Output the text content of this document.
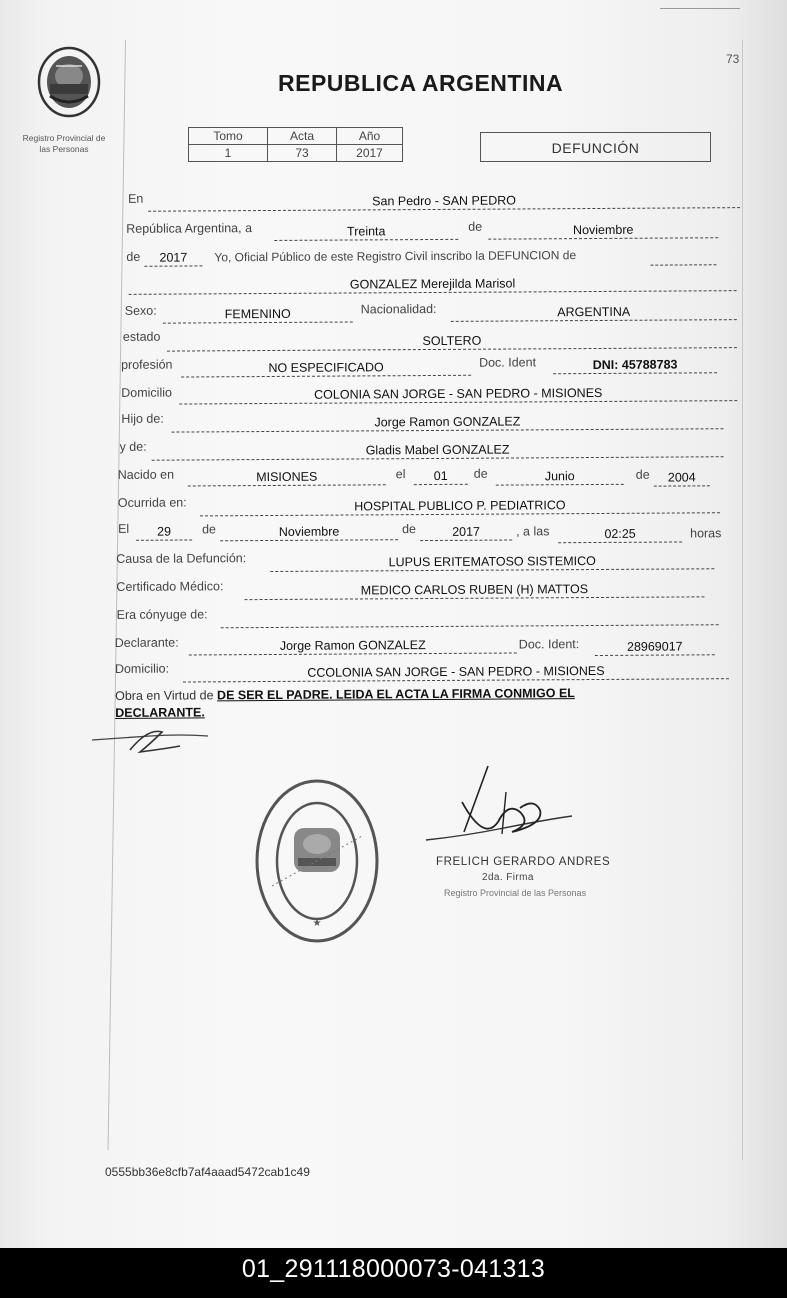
73
Registro Provincial de
las Personas
REPUBLICA ARGENTINA
Tomo	Acta	Año
1	73	2017	DEFUNCIÓN
En	San Pedro - SAN PEDRO
República Argentina, a	Treinta	de	Noviembre
de	2017	Yo, Oficial Público de este Registro Civil inscribo la DEFUNCION de
GONZALEZ Merejilda Marisol
Sexo:	FEMENINO	Nacionalidad:	ARGENTINA
estado	SOLTERO
profesión	NO ESPECIFICADO	Doc. Ident	DNI: 45788783
Domicilio	COLONIA SAN JORGE - SAN PEDRO - MISIONES
Hijo de:	Jorge Ramon GONZALEZ
y de:	Gladis Mabel GONZALEZ
Nacido en	MISIONES	el	01	de	Junio	de	2004
Ocurrida en:	HOSPITAL PUBLICO P. PEDIATRICO
El	29	de	Noviembre	de	2017	, a las	02:25	horas
Causa de la Defunción:	LUPUS ERITEMATOSO SISTEMICO
Certificado Médico:	MEDICO CARLOS RUBEN (H) MATTOS
Era cónyuge de:
Declarante:	Jorge Ramon GONZALEZ	Doc. Ident:	28969017
Domicilio:	CCOLONIA SAN JORGE - SAN PEDRO - MISIONES
Obra en Virtud de DE SER EL PADRE. LEIDA EL ACTA LA FIRMA CONMIGO EL
DECLARANTE.
★
FRELICH GERARDO ANDRES
2da. Firma
Registro Provincial de las Personas
0555bb36e8cfb7af4aaad5472cab1c49
01_291118000073-041313
